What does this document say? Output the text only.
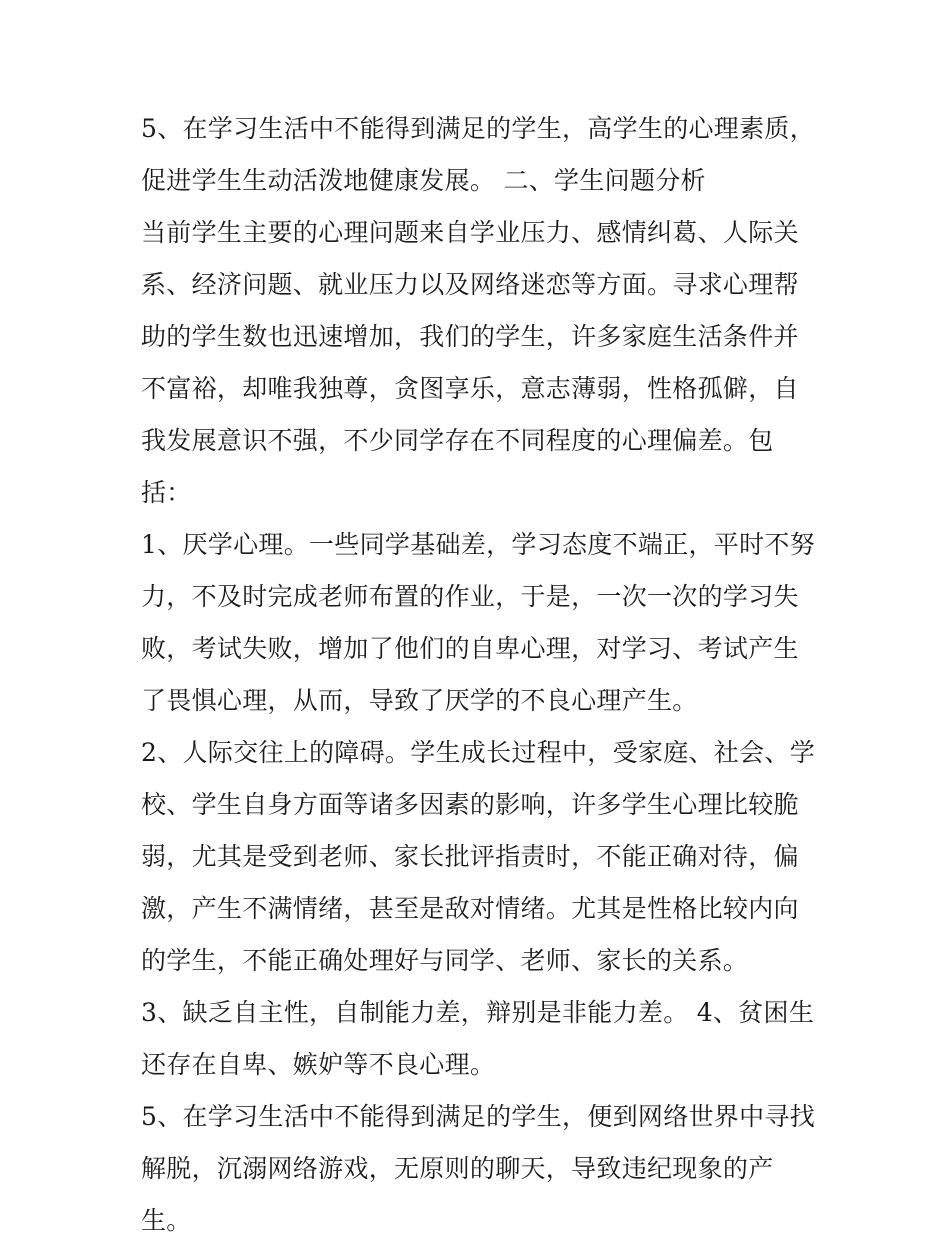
5、在学习生活中不能得到满足的学生，高学生的心理素质，促进学生生动活泼地健康发展。 二、学生问题分析

当前学生主要的心理问题来自学业压力、感情纠葛、人际关系、经济问题、就业压力以及网络迷恋等方面。寻求心理帮助的学生数也迅速增加，我们的学生，许多家庭生活条件并不富裕，却唯我独尊，贪图享乐，意志薄弱，性格孤僻，自我发展意识不强，不少同学存在不同程度的心理偏差。包括：

1、厌学心理。一些同学基础差，学习态度不端正，平时不努力，不及时完成老师布置的作业，于是，一次一次的学习失败，考试失败，增加了他们的自卑心理，对学习、考试产生了畏惧心理，从而，导致了厌学的不良心理产生。

2、人际交往上的障碍。学生成长过程中，受家庭、社会、学校、学生自身方面等诸多因素的影响，许多学生心理比较脆弱，尤其是受到老师、家长批评指责时，不能正确对待，偏激，产生不满情绪，甚至是敌对情绪。尤其是性格比较内向的学生，不能正确处理好与同学、老师、家长的关系。

3、缺乏自主性，自制能力差，辩别是非能力差。 4、贫困生还存在自卑、嫉妒等不良心理。

5、在学习生活中不能得到满足的学生，便到网络世界中寻找解脱，沉溺网络游戏，无原则的聊天，导致违纪现象的产生。
